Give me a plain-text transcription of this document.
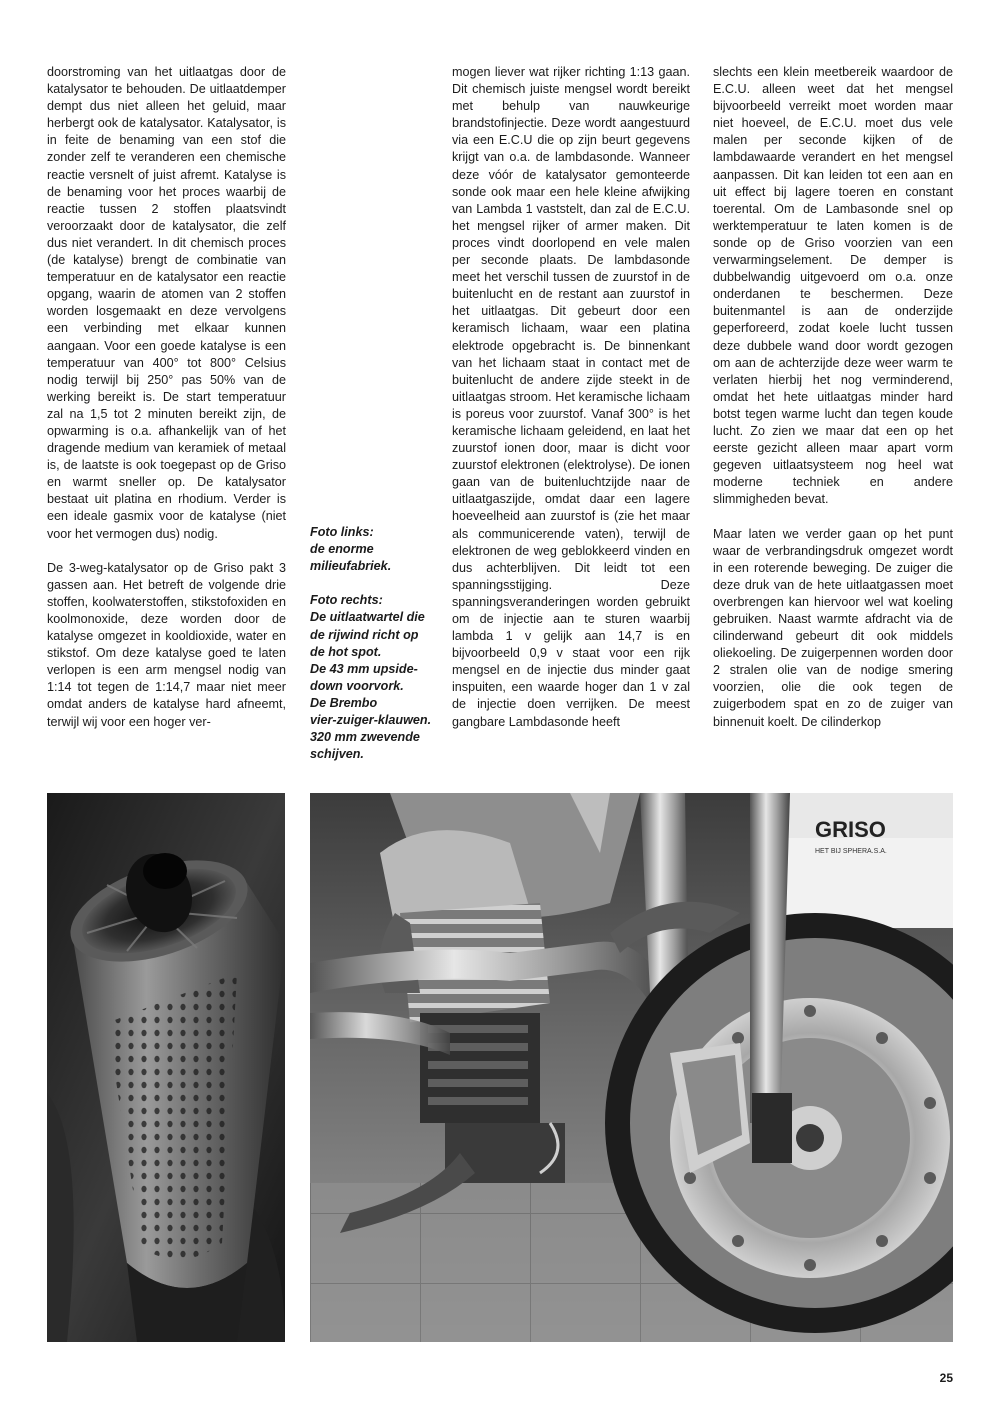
doorstroming van het uitlaatgas door de katalysator te behouden. De uitlaatdemper dempt dus niet alleen het geluid, maar herbergt ook de katalysator. Katalysator, is in feite de benaming van een stof die zonder zelf te veranderen een chemische reactie versnelt of juist afremt. Katalyse is de benaming voor het proces waarbij de reactie tussen 2 stoffen plaatsvindt veroorzaakt door de katalysator, die zelf dus niet verandert. In dit chemisch proces (de katalyse) brengt de combinatie van temperatuur en de katalysator een reactie opgang, waarin de atomen van 2 stoffen worden losgemaakt en deze vervolgens een verbinding met elkaar kunnen aangaan. Voor een goede katalyse is een temperatuur van 400° tot 800° Celsius nodig terwijl bij 250° pas 50% van de werking bereikt is. De start temperatuur zal na 1,5 tot 2 minuten bereikt zijn, de opwarming is o.a. afhankelijk van of het dragende medium van keramiek of metaal is, de laatste is ook toegepast op de Griso en warmt sneller op. De katalysator bestaat uit platina en rhodium. Verder is een ideale gasmix voor de katalyse (niet voor het vermogen dus) nodig.

De 3-weg-katalysator op de Griso pakt 3 gassen aan. Het betreft de volgende drie stoffen, koolwaterstoffen, stikstofoxiden en koolmonoxide, deze worden door de katalyse omgezet in kooldioxide, water en stikstof. Om deze katalyse goed te laten verlopen is een arm mengsel nodig van 1:14 tot tegen de 1:14,7 maar niet meer omdat anders de katalyse hard afneemt, terwijl wij voor een hoger ver-

Foto links:
de enorme
milieufabriek.

Foto rechts:
De uitlaatwartel die
de rijwind richt op
de hot spot.
De 43 mm upside-
down voorvork.
De Brembo
vier-zuiger-klauwen.
320 mm zwevende
schijven.

mogen liever wat rijker richting 1:13 gaan. Dit chemisch juiste mengsel wordt bereikt met behulp van nauwkeurige brandstofinjectie. Deze wordt aangestuurd via een E.C.U die op zijn beurt gegevens krijgt van o.a. de lambdasonde. Wanneer deze vóór de katalysator gemonteerde sonde ook maar een hele kleine afwijking van Lambda 1 vaststelt, dan zal de E.C.U. het mengsel rijker of armer maken. Dit proces vindt doorlopend en vele malen per seconde plaats. De lambdasonde meet het verschil tussen de zuurstof in de buitenlucht en de restant aan zuurstof in het uitlaatgas. Dit gebeurt door een keramisch lichaam, waar een platina elektrode opgebracht is. De binnenkant van het lichaam staat in contact met de buitenlucht de andere zijde steekt in de uitlaatgas stroom. Het keramische lichaam is poreus voor zuurstof. Vanaf 300° is het keramische lichaam geleidend, en laat het zuurstof ionen door, maar is dicht voor zuurstof elektronen (elektrolyse). De ionen gaan van de buitenluchtzijde naar de uitlaatgaszijde, omdat daar een lagere hoeveelheid aan zuurstof is (zie het maar als communicerende vaten), terwijl de elektronen de weg geblokkeerd vinden en dus achterblijven. Dit leidt tot een spanningsstijging. Deze spanningsveranderingen worden gebruikt om de injectie aan te sturen waarbij lambda 1 v gelijk aan 14,7 is en bijvoorbeeld 0,9 v staat voor een rijk mengsel en de injectie dus minder gaat inspuiten, een waarde hoger dan 1 v zal de injectie doen verrijken. De meest gangbare Lambdasonde heeft

slechts een klein meetbereik waardoor de E.C.U. alleen weet dat het mengsel bijvoorbeeld verreikt moet worden maar niet hoeveel, de E.C.U. moet dus vele malen per seconde kijken of de lambdawaarde verandert en het mengsel aanpassen. Dit kan leiden tot een aan en uit effect bij lagere toeren en constant toerental. Om de Lambasonde snel op werktemperatuur te laten komen is de sonde op de Griso voorzien van een verwarmingselement. De demper is dubbelwandig uitgevoerd om o.a. onze onderdanen te beschermen. Deze buitenmantel is aan de onderzijde geperforeerd, zodat koele lucht tussen deze dubbele wand door wordt gezogen om aan de achterzijde deze weer warm te verlaten hierbij het nog verminderend, omdat het hete uitlaatgas minder hard botst tegen warme lucht dan tegen koude lucht. Zo zien we maar dat een op het eerste gezicht alleen maar apart vorm gegeven uitlaatsysteem nog heel wat moderne techniek en andere slimmigheden bevat.

Maar laten we verder gaan op het punt waar de verbrandingsdruk omgezet wordt in een roterende beweging. De zuiger die deze druk van de hete uitlaatgassen moet overbrengen kan hiervoor wel wat koeling gebruiken. Naast warmte afdracht via de cilinderwand gebeurt dit ook middels oliekoeling. De zuigerpennen worden door 2 stralen olie van de nodige smering voorzien, olie die ook tegen de zuigerbodem spat en zo de zuiger van binnenuit koelt. De cilinderkop

GRISO
HET BIJ SPHERA.S.A.
25
